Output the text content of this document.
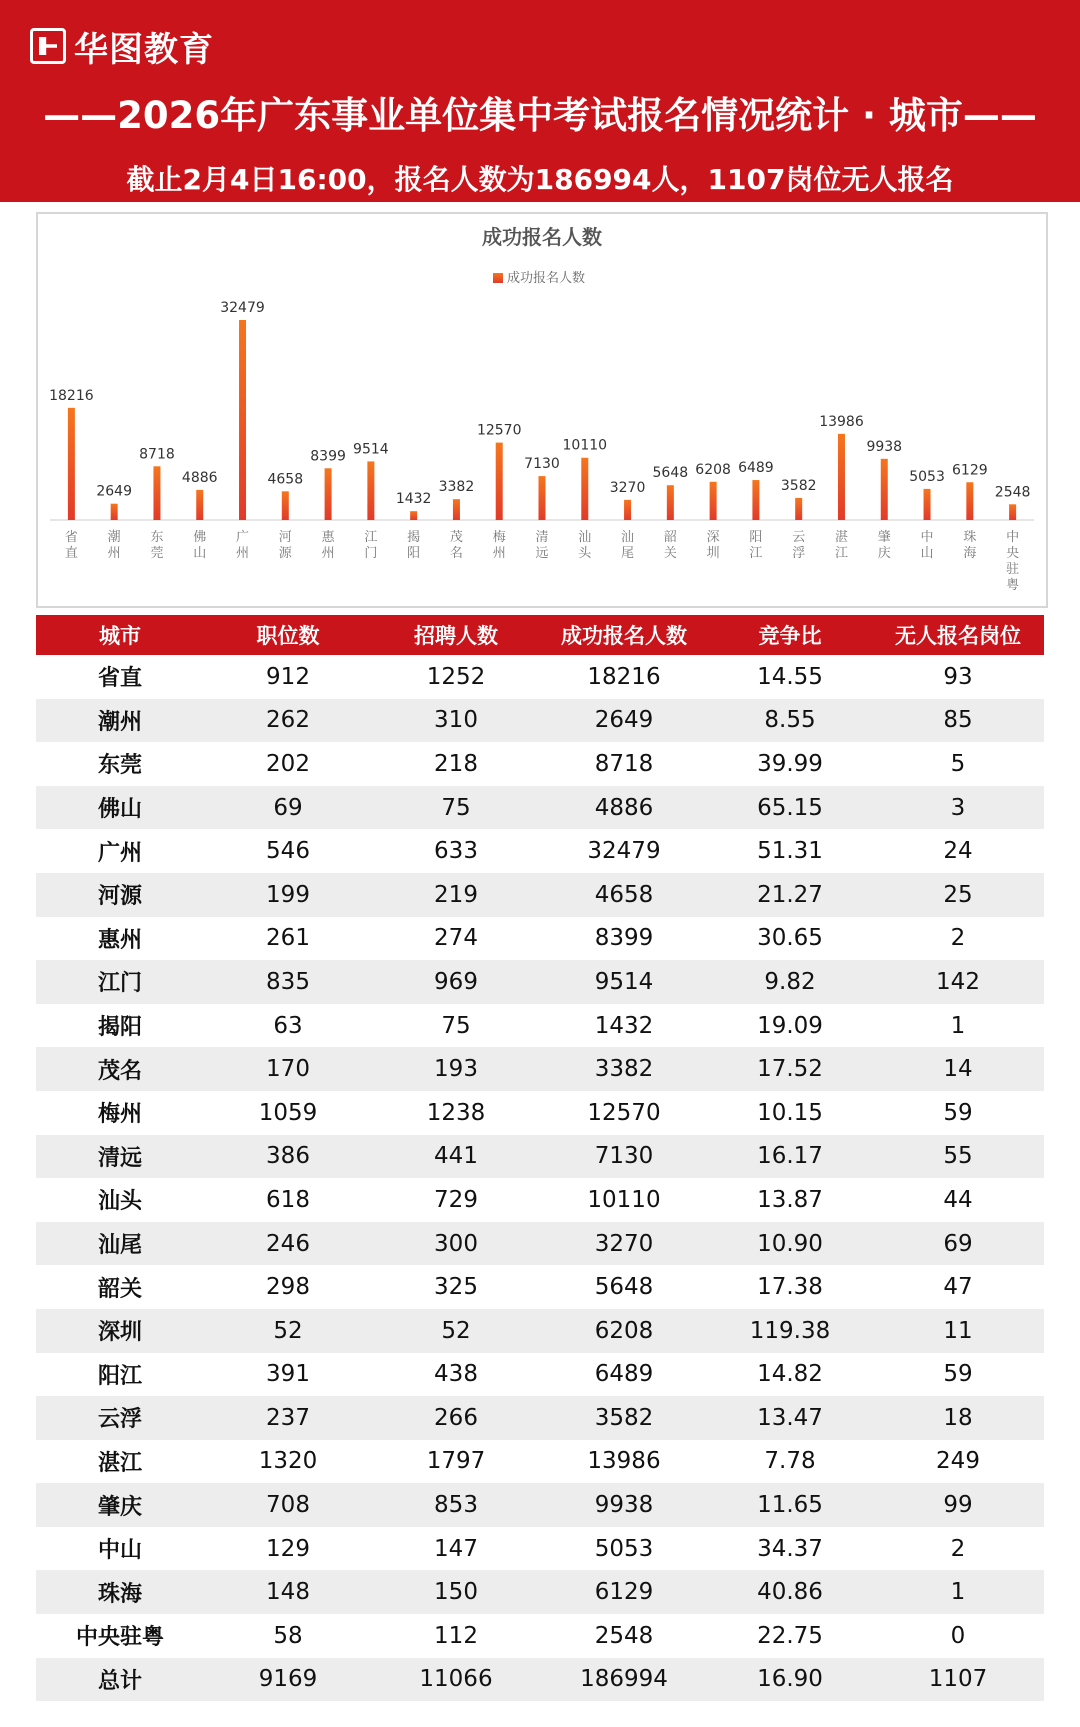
华图教育
——2026年广东事业单位集中考试报名情况统计 · 城市——
截止2月4日16:00，报名人数为186994人，1107岗位无人报名
成功报名人数
成功报名人数
18216
省直
2649
潮州
8718
东莞
4886
佛山
32479
广州
4658
河源
8399
惠州
9514
江门
1432
揭阳
3382
茂名
12570
梅州
7130
清远
10110
汕头
3270
汕尾
5648
韶关
6208
深圳
6489
阳江
3582
云浮
13986
湛江
9938
肇庆
5053
中山
6129
珠海
2548
中央驻粤
城市	职位数	招聘人数	成功报名人数	竞争比	无人报名岗位
省直	912	1252	18216	14.55	93
潮州	262	310	2649	8.55	85
东莞	202	218	8718	39.99	5
佛山	69	75	4886	65.15	3
广州	546	633	32479	51.31	24
河源	199	219	4658	21.27	25
惠州	261	274	8399	30.65	2
江门	835	969	9514	9.82	142
揭阳	63	75	1432	19.09	1
茂名	170	193	3382	17.52	14
梅州	1059	1238	12570	10.15	59
清远	386	441	7130	16.17	55
汕头	618	729	10110	13.87	44
汕尾	246	300	3270	10.90	69
韶关	298	325	5648	17.38	47
深圳	52	52	6208	119.38	11
阳江	391	438	6489	14.82	59
云浮	237	266	3582	13.47	18
湛江	1320	1797	13986	7.78	249
肇庆	708	853	9938	11.65	99
中山	129	147	5053	34.37	2
珠海	148	150	6129	40.86	1
中央驻粤	58	112	2548	22.75	0
总计	9169	11066	186994	16.90	1107
